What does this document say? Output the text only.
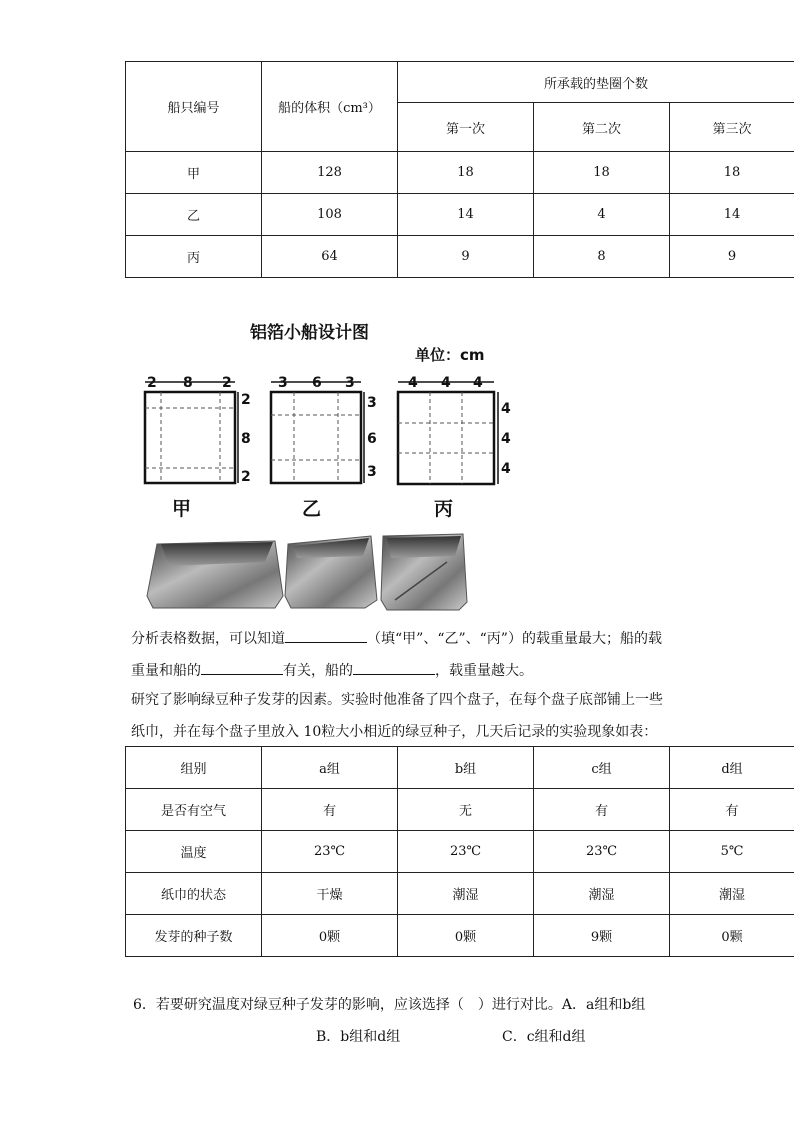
船只编号	船的体积（cm³）	所承载的垫圈个数		
		第一次	第二次	第三次
甲	128	18	18	18
乙	108	14	4	14
丙	64	9	8	9
铝箔小船设计图
单位：cm
2 8 2
2
8
2
3 6 3
3
6
3
4 4 4
4
4
4
甲	乙	丙
分析表格数据，可以知道	（填“甲”、“乙”、“丙”）的载重量最大；船的载
重量和船的	有关，船的	，载重量越大。
研究了影响绿豆种子发芽的因素。实验时他准备了四个盘子，在每个盘子底部铺上一些
纸巾，并在每个盘子里放入 10粒大小相近的绿豆种子，几天后记录的实验现象如表：
组别	a组	b组	c组	d组
是否有空气	有	无	有	有
温度	23℃	23℃	23℃	5℃
纸巾的状态	干燥	潮湿	潮湿	潮湿
发芽的种子数	0颗	0颗	9颗	0颗
6．若要研究温度对绿豆种子发芽的影响，应该选择（　）进行对比。A．a组和b组
B．b组和d组	C．c组和d组
